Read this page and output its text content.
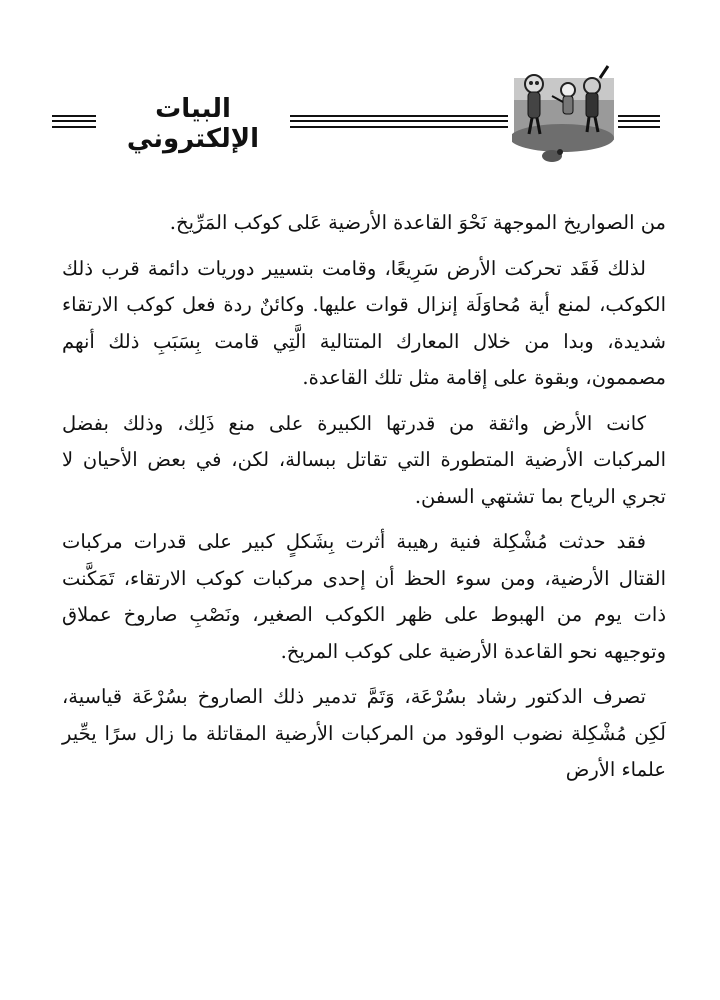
البيات الإلكتروني

من الصواريخ الموجهة نَحْوَ القاعدة الأرضية عَلى كوكب المَرِّيخ.

لذلك فَقَد تحركت الأرض سَرِيعًا، وقامت بتسيير دوريات دائمة قرب ذلك الكوكب، لمنع أية مُحاوَلَة إنزال قوات عليها. وكائنٌ ردة فعل كوكب الارتقاء شديدة، وبدا من خلال المعارك المتتالية الَّتِي قامت بِسَبَبِ ذلك أنهم مصممون، وبقوة على إقامة مثل تلك القاعدة.

كانت الأرض واثقة من قدرتها الكبيرة على منع ذَلِك، وذلك بفضل المركبات الأرضية المتطورة التي تقاتل ببسالة، لكن، في بعض الأحيان لا تجري الرياح بما تشتهي السفن.

فقد حدثت مُشْكِلة فنية رهيبة أثرت بِشَكلٍ كبير على قدرات مركبات القتال الأرضية، ومن سوء الحظ أن إحدى مركبات كوكب الارتقاء، تَمَكَّنت ذات يوم من الهبوط على ظهر الكوكب الصغير، ونَصْبِ صاروخ عملاق وتوجيهه نحو القاعدة الأرضية على كوكب المريخ.

تصرف الدكتور رشاد بسُرْعَة، وَتَمَّ تدمير ذلك الصاروخ بسُرْعَة قياسية، لَكِن مُشْكِلة نضوب الوقود من المركبات الأرضية المقاتلة ما زال سرًا يحِّير علماء الأرض
